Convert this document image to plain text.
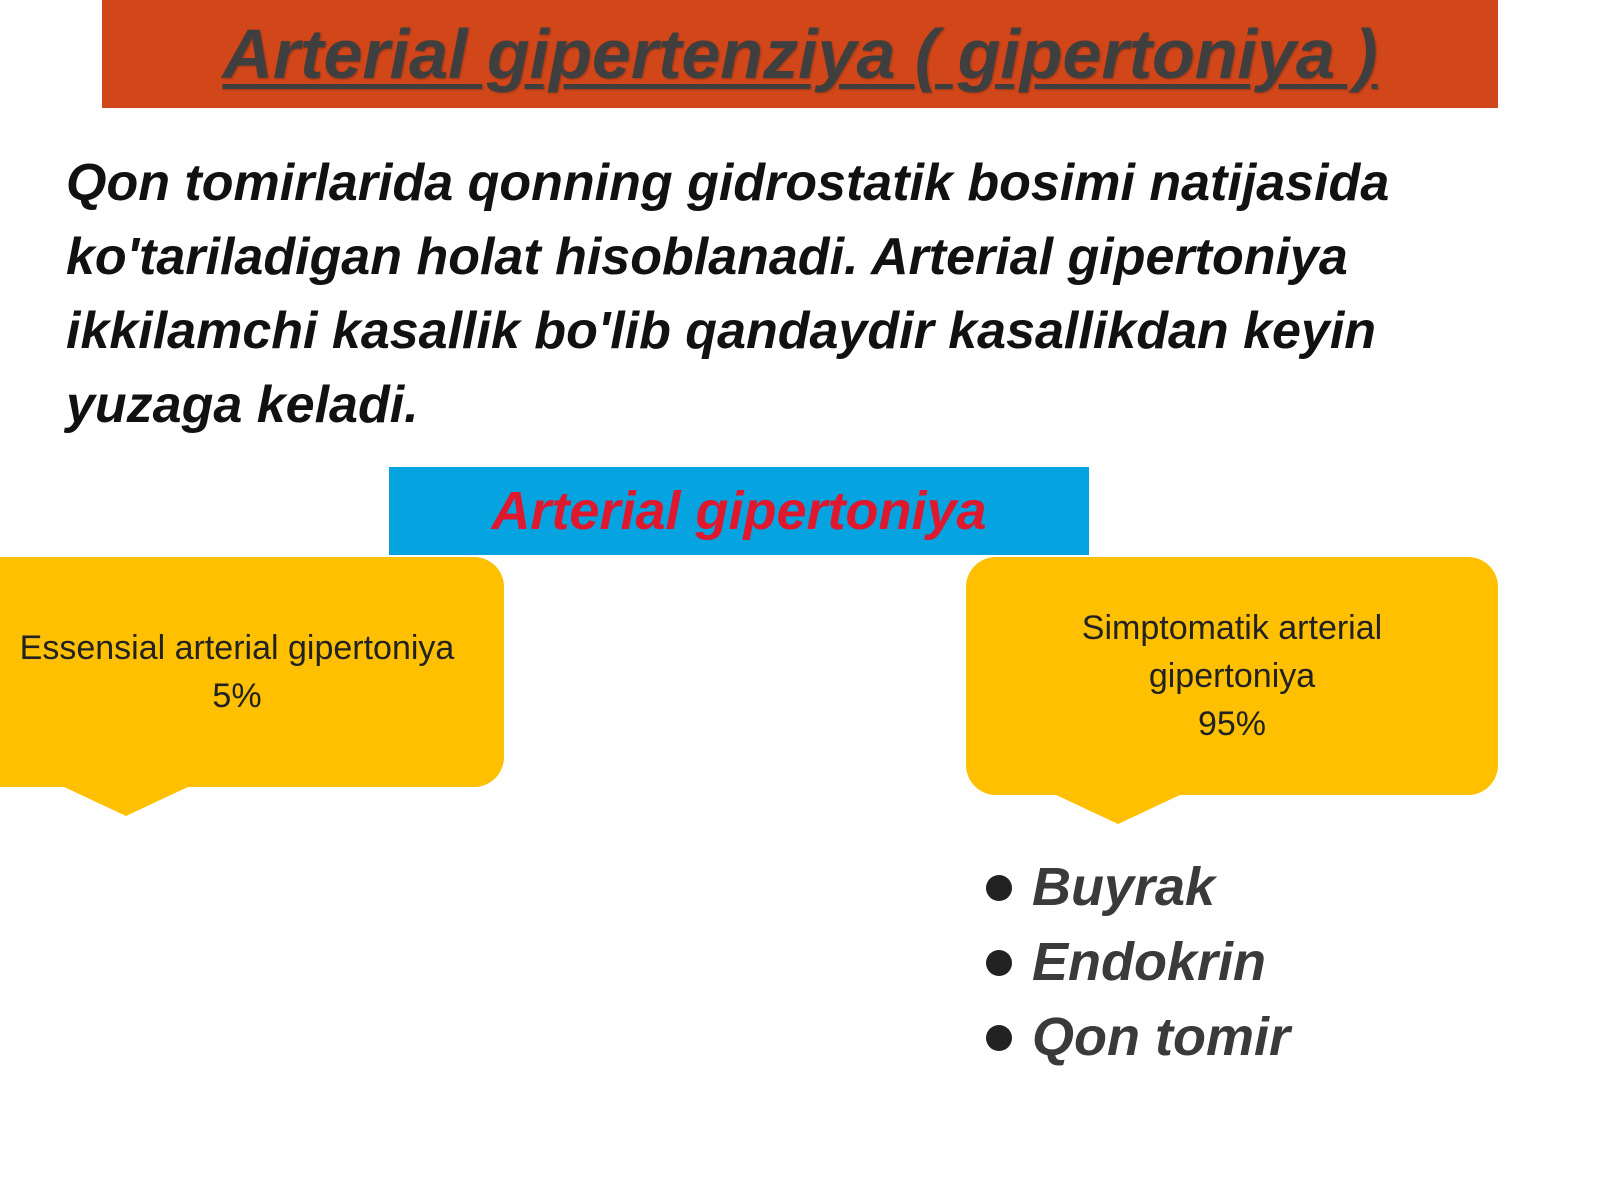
Arterial gipertenziya ( gipertoniya )

Qon tomirlarida qonning gidrostatik bosimi natijasida
ko'tariladigan holat hisoblanadi. Arterial gipertoniya
ikkilamchi kasallik bo'lib qandaydir kasallikdan keyin
yuzaga keladi.

Arterial gipertoniya
Essensial arterial gipertoniya
5%
Simptomatik arterial
gipertoniya
95%
Buyrak
Endokrin
Qon tomir
